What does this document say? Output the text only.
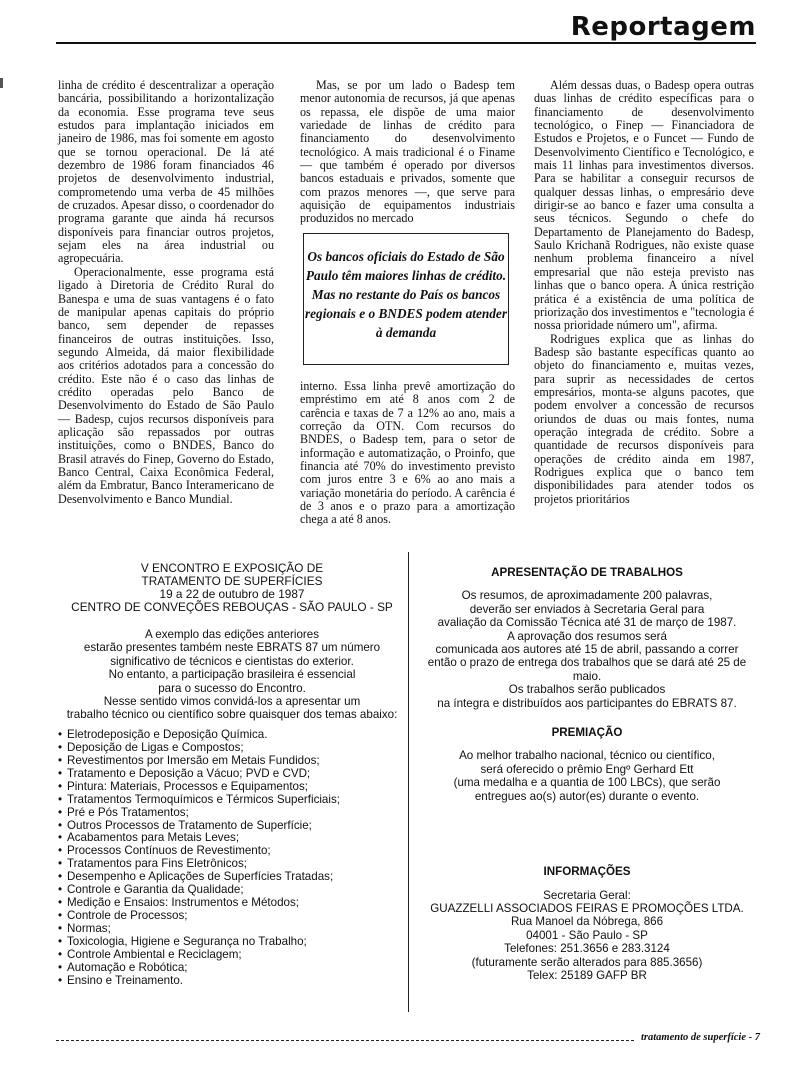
Reportagem

linha de crédito é descentralizar a operação bancária, possibilitando a horizontalização da economia. Esse programa teve seus estudos para implantação iniciados em janeiro de 1986, mas foi somente em agosto que se tornou operacional. De lá até dezembro de 1986 foram financiados 46 projetos de desenvolvimento industrial, comprometendo uma verba de 45 milhões de cruzados. Apesar disso, o coordenador do programa garante que ainda há recursos disponíveis para financiar outros projetos, sejam eles na área industrial ou agropecuária.

Operacionalmente, esse programa está ligado à Diretoria de Crédito Rural do Banespa e uma de suas vantagens é o fato de manipular apenas capitais do próprio banco, sem depender de repasses financeiros de outras instituições. Isso, segundo Almeida, dá maior flexibilidade aos critérios adotados para a concessão do crédito. Este não é o caso das linhas de crédito operadas pelo Banco de Desenvolvimento do Estado de São Paulo — Badesp, cujos recursos disponíveis para aplicação são repassados por outras instituições, como o BNDES, Banco do Brasil através do Finep, Governo do Estado, Banco Central, Caixa Econômica Federal, além da Embratur, Banco Interamericano de Desenvolvimento e Banco Mundial.

Mas, se por um lado o Badesp tem menor autonomia de recursos, já que apenas os repassa, ele dispõe de uma maior variedade de linhas de crédito para financiamento do desenvolvimento tecnológico. A mais tradicional é o Finame — que também é operado por diversos bancos estaduais e privados, somente que com prazos menores —, que serve para aquisição de equipamentos industriais produzidos no mercado

Os bancos oficiais do Estado de São Paulo têm maiores linhas de crédito. Mas no restante do País os bancos regionais e o BNDES podem atender à demanda

interno. Essa linha prevê amortização do empréstimo em até 8 anos com 2 de carência e taxas de 7 a 12% ao ano, mais a correção da OTN. Com recursos do BNDES, o Badesp tem, para o setor de informação e automatização, o Proinfo, que financia até 70% do investimento previsto com juros entre 3 e 6% ao ano mais a variação monetária do período. A carência é de 3 anos e o prazo para a amortização chega a até 8 anos.

Além dessas duas, o Badesp opera outras duas linhas de crédito específicas para o financiamento de desenvolvimento tecnológico, o Finep — Financiadora de Estudos e Projetos, e o Funcet — Fundo de Desenvolvimento Científico e Tecnológico, e mais 11 linhas para investimentos diversos. Para se habilitar a conseguir recursos de qualquer dessas linhas, o empresário deve dirigir-se ao banco e fazer uma consulta a seus técnicos. Segundo o chefe do Departamento de Planejamento do Badesp, Saulo Krichanã Rodrigues, não existe quase nenhum problema financeiro a nível empresarial que não esteja previsto nas linhas que o banco opera. A única restrição prática é a existência de uma política de priorização dos investimentos e "tecnologia é nossa prioridade número um", afirma.

Rodrigues explica que as linhas do Badesp são bastante específicas quanto ao objeto do financiamento e, muitas vezes, para suprir as necessidades de certos empresários, monta-se alguns pacotes, que podem envolver a concessão de recursos oriundos de duas ou mais fontes, numa operação integrada de crédito. Sobre a quantidade de recursos disponíveis para operações de crédito ainda em 1987, Rodrigues explica que o banco tem disponibilidades para atender todos os projetos prioritários

V ENCONTRO E EXPOSIÇÃO DE
TRATAMENTO DE SUPERFÍCIES
19 a 22 de outubro de 1987
CENTRO DE CONVEÇÕES REBOUÇAS - SÃO PAULO - SP
A exemplo das edições anteriores
estarão presentes também neste EBRATS 87 um número
significativo de técnicos e cientistas do exterior.
No entanto, a participação brasileira é essencial
para o sucesso do Encontro.
Nesse sentido vimos convidá-los a apresentar um
trabalho técnico ou científico sobre quaisquer dos temas abaixo:
• Eletrodeposição e Deposição Química.
• Deposição de Ligas e Compostos;
• Revestimentos por Imersão em Metais Fundidos;
• Tratamento e Deposição a Vácuo; PVD e CVD;
• Pintura: Materiais, Processos e Equipamentos;
• Tratamentos Termoquímicos e Térmicos Superficiais;
• Pré e Pós Tratamentos;
• Outros Processos de Tratamento de Superfície;
• Acabamentos para Metais Leves;
• Processos Contínuos de Revestimento;
• Tratamentos para Fins Eletrônicos;
• Desempenho e Aplicações de Superfícies Tratadas;
• Controle e Garantia da Qualidade;
• Medição e Ensaios: Instrumentos e Métodos;
• Controle de Processos;
• Normas;
• Toxicologia, Higiene e Segurança no Trabalho;
• Controle Ambiental e Reciclagem;
• Automação e Robótica;
• Ensino e Treinamento.
APRESENTAÇÃO DE TRABALHOS
Os resumos, de aproximadamente 200 palavras,
deverão ser enviados à Secretaria Geral para
avaliação da Comissão Técnica até 31 de março de 1987.
A aprovação dos resumos será
comunicada aos autores até 15 de abril, passando a correr
então o prazo de entrega dos trabalhos que se dará até 25 de maio.
Os trabalhos serão publicados
na íntegra e distribuídos aos participantes do EBRATS 87.
PREMIAÇÃO
Ao melhor trabalho nacional, técnico ou científico,
será oferecido o prêmio Engº Gerhard Ett
(uma medalha e a quantia de 100 LBCs), que serão
entregues ao(s) autor(es) durante o evento.
INFORMAÇÕES
Secretaria Geral:
GUAZZELLI ASSOCIADOS FEIRAS E PROMOÇÕES LTDA.
Rua Manoel da Nóbrega, 866
04001 - São Paulo - SP
Telefones: 251.3656 e 283.3124
(futuramente serão alterados para 885.3656)
Telex: 25189 GAFP BR
tratamento de superfície - 7
